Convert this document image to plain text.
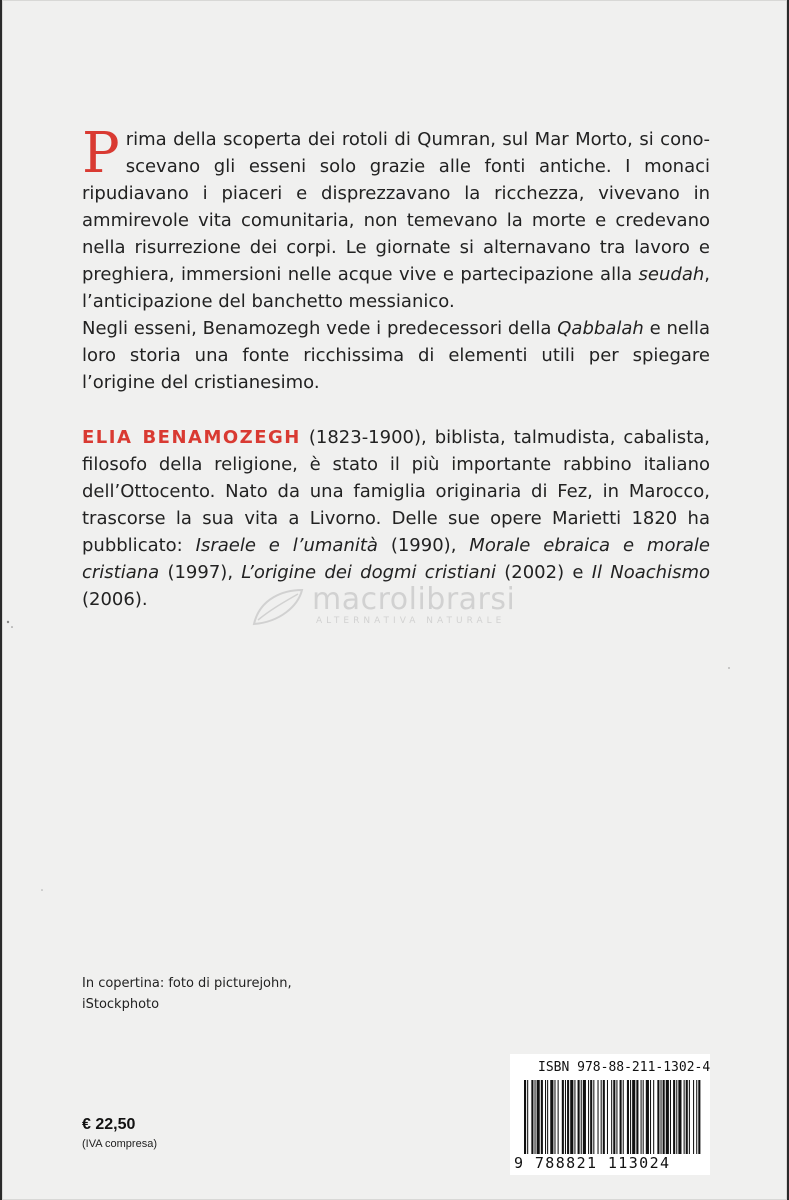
Prima della scoperta dei rotoli di Qumran, sul Mar Morto, si conoscevano gli esseni solo grazie alle fonti antiche. I monaci ripudiavano i piaceri e disprezzavano la ricchezza, vivevano in ammirevole vita comunitaria, non temevano la morte e credevano nella risurrezione dei corpi. Le giornate si alternavano tra lavoro e preghiera, immersioni nelle acque vive e partecipazione alla seudah, l’anticipazione del banchetto messianico.

Negli esseni, Benamozegh vede i predecessori della Qabbalah e nella loro storia una fonte ricchissima di elementi utili per spiegare l’origine del cristianesimo.

ELIA BENAMOZEGH (1823-1900), biblista, talmudista, cabalista, filosofo della religione, è stato il più importante rabbino italiano dell’Ottocento. Nato da una famiglia originaria di Fez, in Marocco, trascorse la sua vita a Livorno. Delle sue opere Marietti 1820 ha pubblicato: Israele e l’umanità (1990), Morale ebraica e morale cristiana (1997), L’origine dei dogmi cristiani (2002) e Il Noachismo (2006).	macrolibrarsi
ALTERNATIVA NATURALE
In copertina: foto di picturejohn,
iStockphoto
€ 22,50
(IVA compresa)
ISBN 978-88-211-1302-4
9 788821 113024
